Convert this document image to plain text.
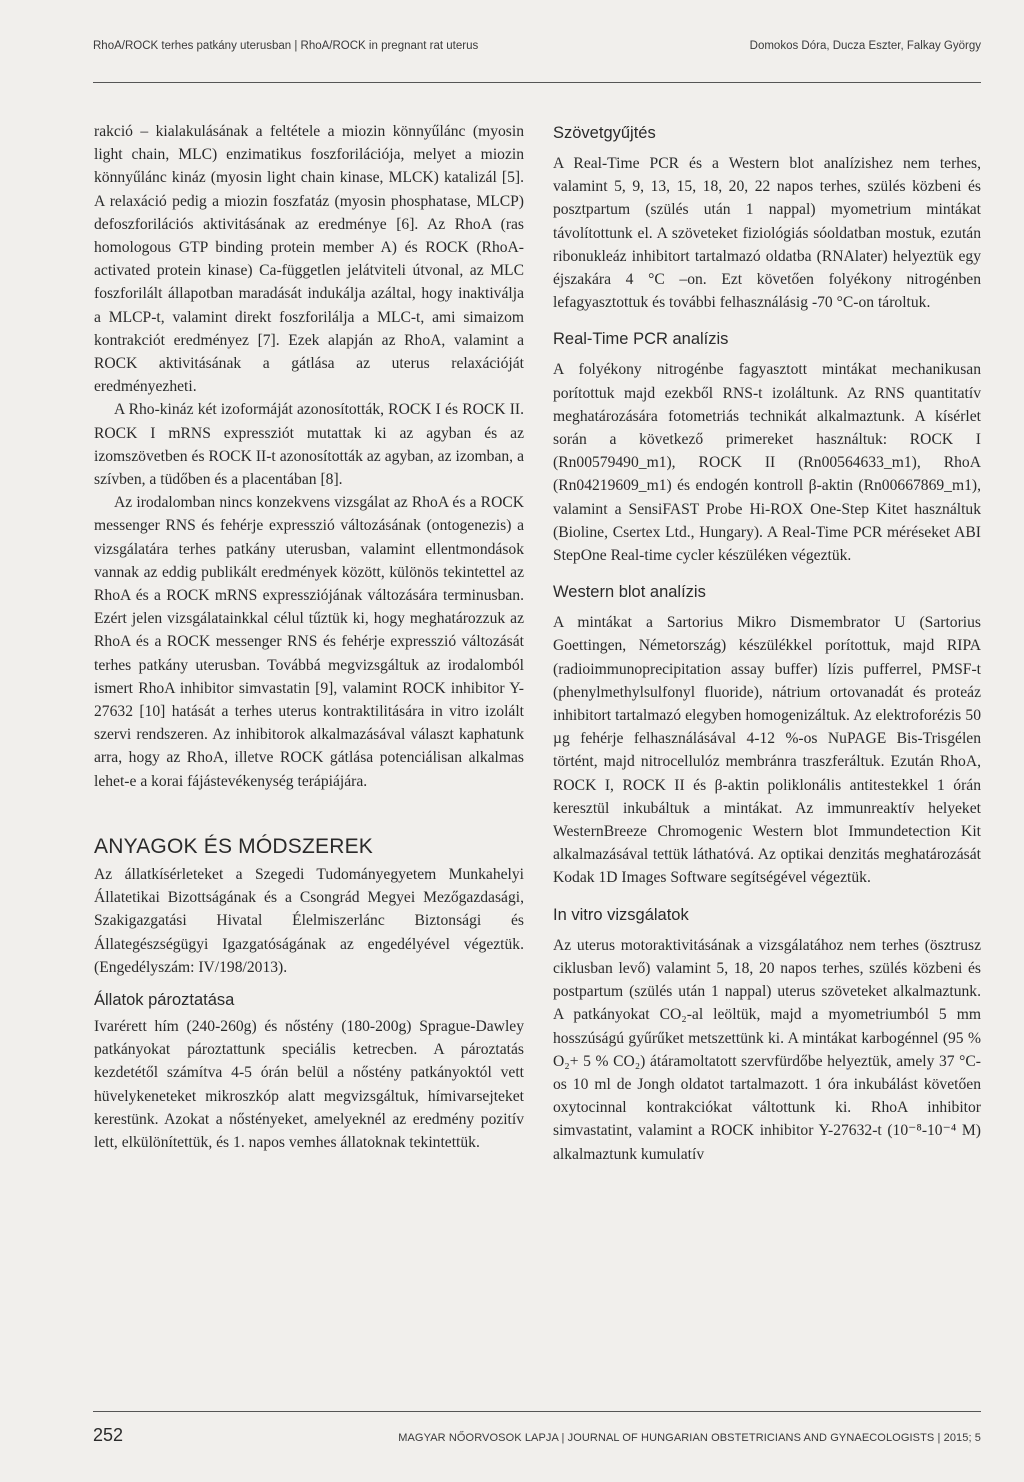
RhoA/ROCK terhes patkány uterusban | RhoA/ROCK in pregnant rat uterus	Domokos Dóra, Ducza Eszter, Falkay György

rakció – kialakulásának a feltétele a miozin könnyűlánc (myosin light chain, MLC) enzimatikus foszforilációja, melyet a miozin könnyűlánc kináz (myosin light chain kinase, MLCK) katalizál [5]. A relaxáció pedig a miozin foszfatáz (myosin phosphatase, MLCP) defoszforilációs aktivitásának az eredménye [6]. Az RhoA (ras homologous GTP binding protein member A) és ROCK (RhoA-activated protein kinase) Ca-független jelátviteli útvonal, az MLC foszforilált állapotban maradását indukálja azáltal, hogy inaktiválja a MLCP-t, valamint direkt foszforilálja a MLC-t, ami simaizom kontrakciót eredményez [7]. Ezek alapján az RhoA, valamint a ROCK aktivitásának a gátlása az uterus relaxációját eredményezheti.

A Rho-kináz két izoformáját azonosították, ROCK I és ROCK II. ROCK I mRNS expressziót mutattak ki az agyban és az izomszövetben és ROCK II-t azonosították az agyban, az izomban, a szívben, a tüdőben és a placentában [8].

Az irodalomban nincs konzekvens vizsgálat az RhoA és a ROCK messenger RNS és fehérje expresszió változásának (ontogenezis) a vizsgálatára terhes patkány uterusban, valamint ellentmondások vannak az eddig publikált eredmények között, különös tekintettel az RhoA és a ROCK mRNS expressziójának változására terminusban. Ezért jelen vizsgálatainkkal célul tűztük ki, hogy meghatározzuk az RhoA és a ROCK messenger RNS és fehérje expresszió változását terhes patkány uterusban. Továbbá megvizsgáltuk az irodalomból ismert RhoA inhibitor simvastatin [9], valamint ROCK inhibitor Y-27632 [10] hatását a terhes uterus kontraktilitására in vitro izolált szervi rendszeren. Az inhibitorok alkalmazásával választ kaphatunk arra, hogy az RhoA, illetve ROCK gátlása potenciálisan alkalmas lehet-e a korai fájástevékenység terápiájára.

ANYAGOK ÉS MÓDSZEREK

Az állatkísérleteket a Szegedi Tudományegyetem Munkahelyi Állatetikai Bizottságának és a Csongrád Megyei Mezőgazdasági, Szakigazgatási Hivatal Élelmiszerlánc Biztonsági és Állategészségügyi Igazgatóságának az engedélyével végeztük. (Engedélyszám: IV/198/2013).

Állatok pároztatása

Ivarérett hím (240-260g) és nőstény (180-200g) Sprague-Dawley patkányokat pároztattunk speciális ketrecben. A pároztatás kezdetétől számítva 4-5 órán belül a nőstény patkányoktól vett hüvelykeneteket mikroszkóp alatt megvizsgáltuk, hímivarsejteket kerestünk. Azokat a nőstényeket, amelyeknél az eredmény pozitív lett, elkülönítettük, és 1. napos vemhes állatoknak tekintettük.

Szövetgyűjtés

A Real-Time PCR és a Western blot analízishez nem terhes, valamint 5, 9, 13, 15, 18, 20, 22 napos terhes, szülés közbeni és posztpartum (szülés után 1 nappal) myometrium mintákat távolítottunk el. A szöveteket fiziológiás sóoldatban mostuk, ezután ribonukleáz inhibitort tartalmazó oldatba (RNAlater) helyeztük egy éjszakára 4 °C –on. Ezt követően folyékony nitrogénben lefagyasztottuk és további felhasználásig -70 °C-on tároltuk.

Real-Time PCR analízis

A folyékony nitrogénbe fagyasztott mintákat mechanikusan porítottuk majd ezekből RNS-t izoláltunk. Az RNS quantitatív meghatározására fotometriás technikát alkalmaztunk. A kísérlet során a következő primereket használtuk: ROCK I (Rn00579490_m1), ROCK II (Rn00564633_m1), RhoA (Rn04219609_m1) és endogén kontroll β-aktin (Rn00667869_m1), valamint a SensiFAST Probe Hi-ROX One-Step Kitet használtuk (Bioline, Csertex Ltd., Hungary). A Real-Time PCR méréseket ABI StepOne Real-time cycler készüléken végeztük.

Western blot analízis

A mintákat a Sartorius Mikro Dismembrator U (Sartorius Goettingen, Németország) készülékkel porítottuk, majd RIPA (radioimmunoprecipitation assay buffer) lízis pufferrel, PMSF-t (phenylmethylsulfonyl fluoride), nátrium ortovanadát és proteáz inhibitort tartalmazó elegyben homogenizáltuk. Az elektroforézis 50 µg fehérje felhasználásával 4-12 %-os NuPAGE Bis-Trisgélen történt, majd nitrocellulóz membránra traszferáltuk. Ezután RhoA, ROCK I, ROCK II és β-aktin poliklonális antitestekkel 1 órán keresztül inkubáltuk a mintákat. Az immunreaktív helyeket WesternBreeze Chromogenic Western blot Immundetection Kit alkalmazásával tettük láthatóvá. Az optikai denzitás meghatározását Kodak 1D Images Software segítségével végeztük.

In vitro vizsgálatok

Az uterus motoraktivitásának a vizsgálatához nem terhes (ösztrusz ciklusban levő) valamint 5, 18, 20 napos terhes, szülés közbeni és postpartum (szülés után 1 nappal) uterus szöveteket alkalmaztunk. A patkányokat CO₂-al leöltük, majd a myometriumból 5 mm hosszúságú gyűrűket metszettünk ki. A mintákat karbogénnel (95 % O₂+ 5 % CO₂) átáramoltatott szervfürdőbe helyeztük, amely 37 °C-os 10 ml de Jongh oldatot tartalmazott. 1 óra inkubálást követően oxytocinnal kontrakciókat váltottunk ki. RhoA inhibitor simvastatint, valamint a ROCK inhibitor Y-27632-t (10⁻⁸-10⁻⁴ M) alkalmaztunk kumulatív

252	MAGYAR NŐORVOSOK LAPJA | JOURNAL OF HUNGARIAN OBSTETRICIANS AND GYNAECOLOGISTS | 2015; 5
